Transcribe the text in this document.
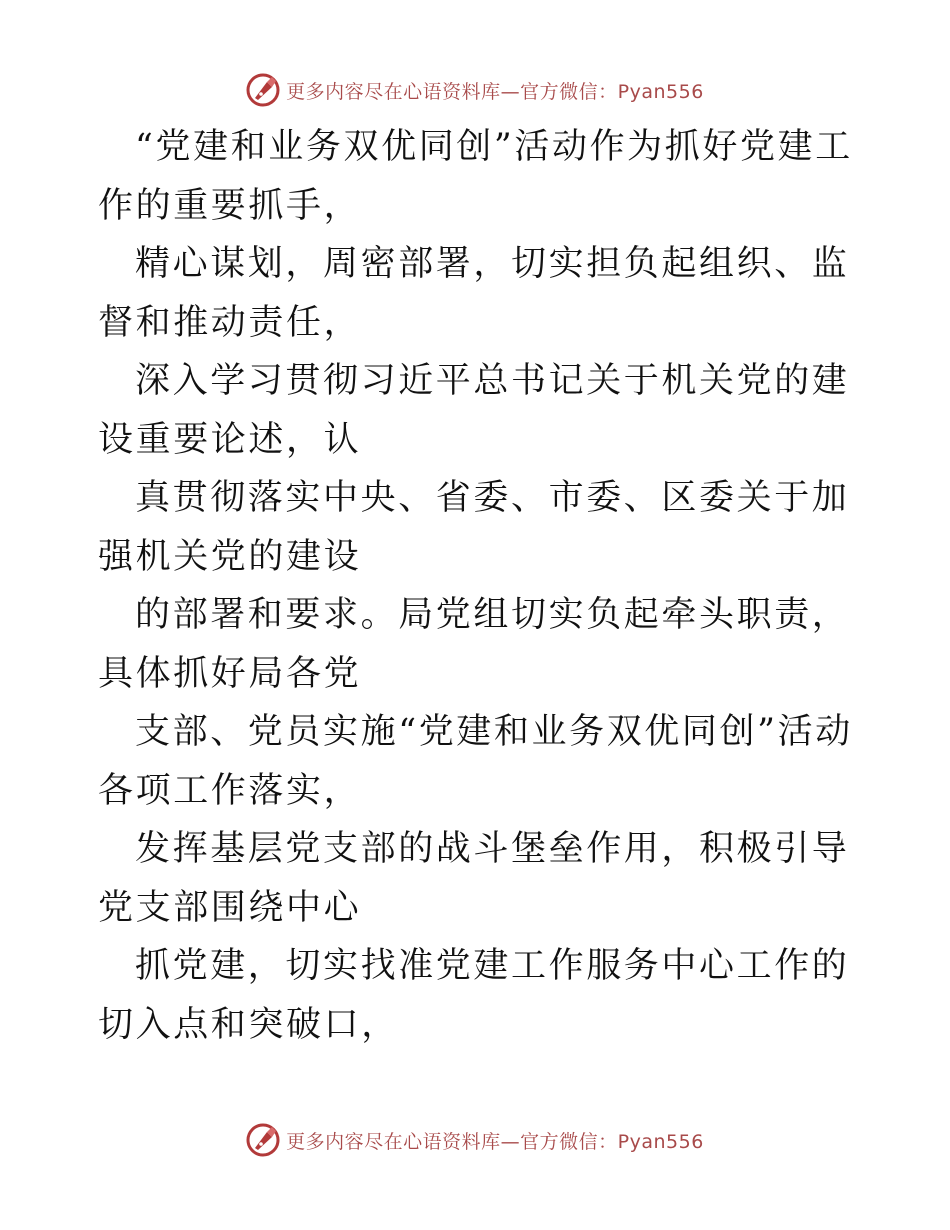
更多内容尽在心语资料库—官方微信：Pyan556

“党建和业务双优同创”活动作为抓好党建工作的重要抓手，

精心谋划，周密部署，切实担负起组织、监督和推动责任，

深入学习贯彻习近平总书记关于机关党的建设重要论述，认

真贯彻落实中央、省委、市委、区委关于加强机关党的建设

的部署和要求。局党组切实负起牵头职责，具体抓好局各党

支部、党员实施“党建和业务双优同创”活动各项工作落实，

发挥基层党支部的战斗堡垒作用，积极引导党支部围绕中心

抓党建，切实找准党建工作服务中心工作的切入点和突破口，

更多内容尽在心语资料库—官方微信：Pyan556
